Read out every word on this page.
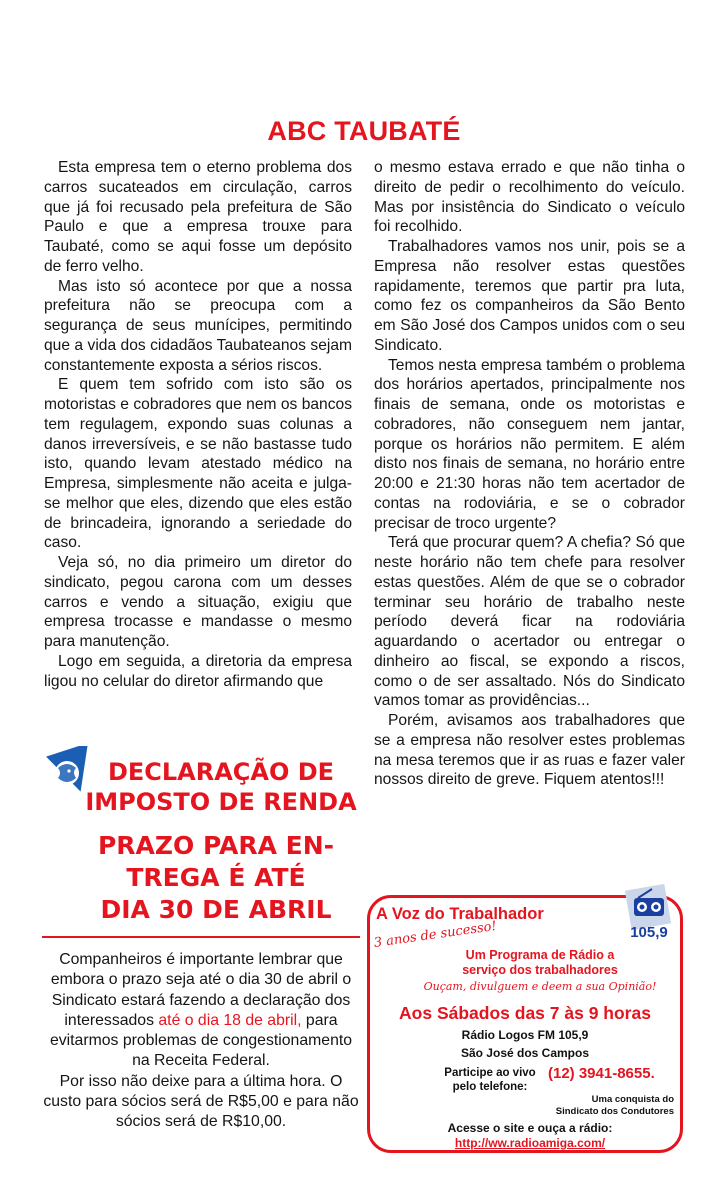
ABC TAUBATÉ

Esta empresa tem o eterno problema dos carros sucateados em circulação, carros que já foi recusado pela prefeitura de São Paulo e que a empresa trouxe para Taubaté, como se aqui fosse um depósito de ferro velho.

Mas isto só acontece por que a nossa prefeitura não se preocupa com a segurança de seus munícipes, permitindo que a vida dos cidadãos Taubateanos sejam constantemente exposta a sérios riscos.

E quem tem sofrido com isto são os motoristas e cobradores que nem os bancos tem regulagem, expondo suas colunas a danos irreversíveis, e se não bastasse tudo isto, quando levam atestado médico na Empresa, simplesmente não aceita e julga-se melhor que eles, dizendo que eles estão de brincadeira, ignorando a seriedade do caso.

Veja só, no dia primeiro um diretor do sindicato, pegou carona com um desses carros e vendo a situação, exigiu que empresa trocasse e mandasse o mesmo para manutenção.

Logo em seguida, a diretoria da empresa ligou no celular do diretor afirmando que

o mesmo estava errado e que não tinha o direito de pedir o recolhimento do veículo. Mas por insistência do Sindicato o veículo foi recolhido.

Trabalhadores vamos nos unir, pois se a Empresa não resolver estas questões rapidamente, teremos que partir pra luta, como fez os companheiros da São Bento em São José dos Campos unidos com o seu Sindicato.

Temos nesta empresa também o problema dos horários apertados, principalmente nos finais de semana, onde os motoristas e cobradores, não conseguem nem jantar, porque os horários não permitem. E além disto nos finais de semana, no horário entre 20:00 e 21:30 horas não tem acertador de contas na rodoviária, e se o cobrador precisar de troco urgente?

Terá que procurar quem? A chefia? Só que neste horário não tem chefe para resolver estas questões. Além de que se o cobrador terminar seu horário de trabalho neste período deverá ficar na rodoviária aguardando o acertador ou entregar o dinheiro ao fiscal, se expondo a riscos, como o de ser assaltado. Nós do Sindicato vamos tomar as providências...

Porém, avisamos aos trabalhadores que se a empresa não resolver estes problemas na mesa teremos que ir as ruas e fazer valer nossos direito de greve. Fiquem atentos!!!

DECLARAÇÃO DE
IMPOSTO DE RENDA
PRAZO PARA EN-
TREGA É ATÉ
DIA 30 DE ABRIL

Companheiros é importante lembrar que embora o prazo seja até o dia 30 de abril o Sindicato estará fazendo a declaração dos interessados até o dia 18 de abril, para evitarmos problemas de congestionamento na Receita Federal.

Por isso não deixe para a última hora. O custo para sócios será de R$5,00 e para não sócios será de R$10,00.

A Voz do Trabalhador
105,9
3 anos de sucesso!
Um Programa de Rádio a
serviço dos trabalhadores
Ouçam, divulguem e deem a sua Opinião!
Aos Sábados das 7 às 9 horas
Rádio Logos FM 105,9
São José dos Campos
Participe ao vivo
pelo telefone:
(12) 3941-8655.
Uma conquista do
Sindicato dos Condutores
Acesse o site e ouça a rádio:
http://ww.radioamiga.com/
